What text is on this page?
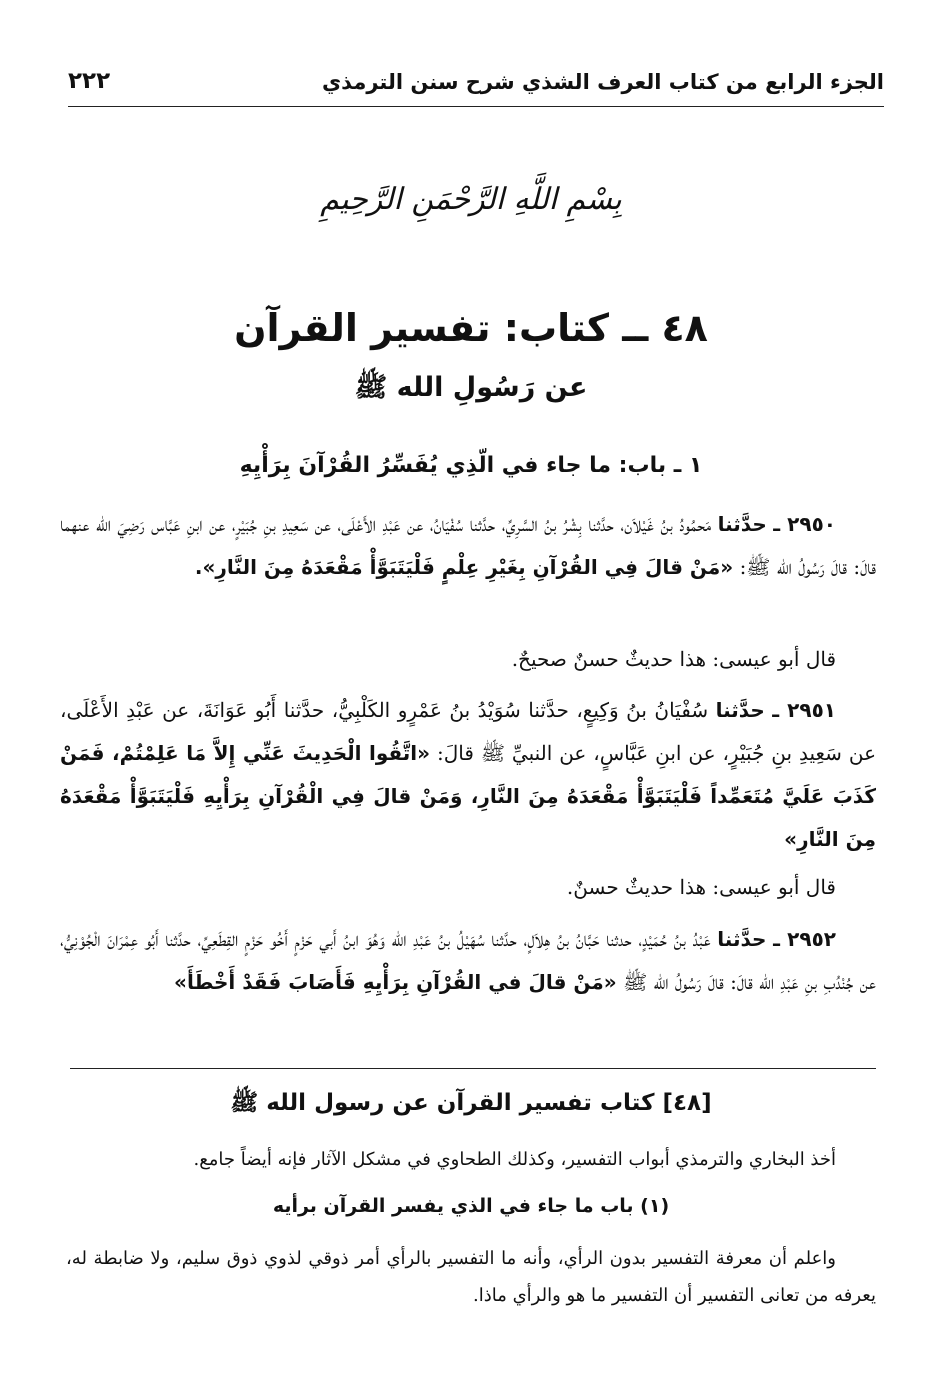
الجزء الرابع من كتاب العرف الشذي شرح سنن الترمذي
٢٢٢
بِسْمِ اللَّهِ الرَّحْمَنِ الرَّحِيمِ
٤٨ ــ كتاب: تفسير القرآن
عن رَسُولِ الله ﷺ
١ ـ باب: ما جاء في الّذِي يُفَسِّرُ القُرْآنَ بِرَأْيِهِ
٢٩٥٠ ـ حدَّثنا مَحمُودُ بنُ غَيْلاَن، حدَّثنا بِشْرُ بنُ السَّرِيِّ، حدَّثنا سُفْيَانُ، عن عَبْدِ الأَعْلَى، عن سَعِيدِ بنِ جُبَيْرٍ، عن ابنِ عَبَّاس رَضِيَ الله عنهما قالَ: قالَ رَسُولُ الله ﷺ: «مَنْ قالَ فِي القُرْآنِ بِغَيْرِ عِلْمٍ فَلْيَتَبَوَّأْ مَقْعَدَهُ مِنَ النَّارِ».
قال أبو عيسى: هذا حديثٌ حسنٌ صحيحٌ.
٢٩٥١ ـ حدَّثنا سُفْيَانُ بنُ وَكِيعٍ، حدَّثنا سُوَيْدُ بنُ عَمْرٍو الكَلْبِيُّ، حدَّثنا أَبُو عَوَانَةَ، عن عَبْدِ الأَعْلَى، عن سَعِيدِ بنِ جُبَيْرٍ، عن ابنِ عَبَّاسٍ، عن النبيِّ ﷺ قالَ: «اتَّقُوا الْحَدِيثَ عَنِّي إِلاَّ مَا عَلِمْتُمْ، فَمَنْ كَذَبَ عَلَيَّ مُتَعَمِّداً فَلْيَتَبَوَّأْ مَقْعَدَهُ مِنَ النَّارِ، وَمَنْ قالَ فِي الْقُرْآنِ بِرَأْيِهِ فَلْيَتَبَوَّأْ مَقْعَدَهُ مِنَ النَّارِ»
قال أبو عيسى: هذا حديثٌ حسنٌ.
٢٩٥٢ ـ حدَّثنا عَبْدُ بنُ حُمَيْدٍ، حدثنا حَبَّانُ بنُ هِلاَلٍ، حدَّثنا سُهَيْلُ بنُ عَبْدِ الله وَهُوَ ابنُ أَبي حَزْمٍ أَخُو حَزْمٍ القِطَعِيِّ، حدَّثنا أَبُو عِمْرَانَ الْجُوْنِيُّ، عن جُنْدُبِ بنِ عَبْدِ الله قالَ: قالَ رَسُولُ الله ﷺ «مَنْ قالَ في القُرْآنِ بِرَأْيِهِ فَأَصَابَ فَقَدْ أَخْطَأَ»
[٤٨] كتاب تفسير القرآن عن رسول الله ﷺ
أخذ البخاري والترمذي أبواب التفسير، وكذلك الطحاوي في مشكل الآثار فإنه أيضاً جامع.
(١) باب ما جاء في الذي يفسر القرآن برأيه
واعلم أن معرفة التفسير بدون الرأي، وأنه ما التفسير بالرأي أمر ذوقي لذوي ذوق سليم، ولا ضابطة له، يعرفه من تعانى التفسير أن التفسير ما هو والرأي ماذا.
